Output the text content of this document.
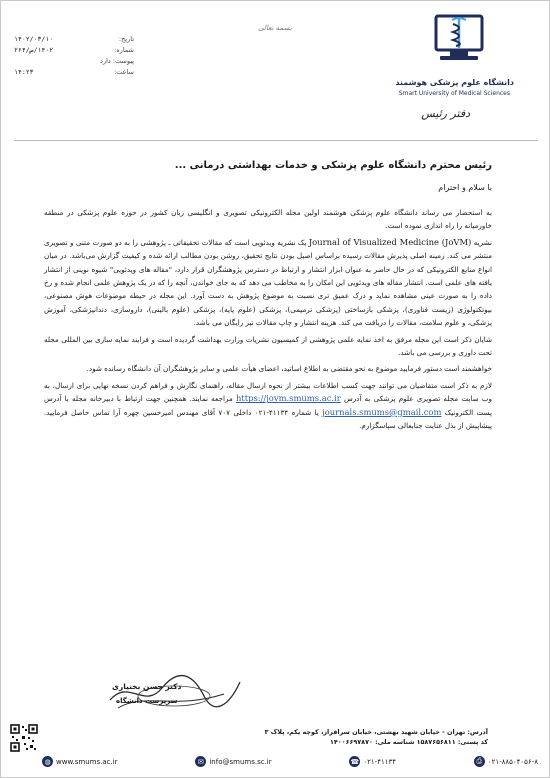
تاریخ:
۱۴۰۲/۰۳/۱۰
شماره:
۱۴۰۲/ص/۲۶۴
پیوست: دارد
ساعت:
۱۴:۲۳
بسمه تعالی
دانشگاه علوم پزشکی هوشمند
Smart University of Medical Sciences
دفتر رئیس
رئیس محترم دانشگاه علوم پزشکی و خدمات بهداشتی درمانی ...
با سلام و احترام

به استحضار می رساند دانشگاه علوم پزشکی هوشمند اولین مجله الکترونیکی تصویری و انگلیسی زبان کشور در حوزه علوم پزشکی در منطقه خاورمیانه را راه اندازی نموده است.

نشریه Journal of Visualized Medicine (JoVM) یک نشریه ویدئویی است که مقالات تحقیقاتی ـ پژوهشی را به دو صورت متنی و تصویری منتشر می کند. زمینه اصلی پذیرش مقالات رسیده براساس اصیل بودن نتایج تحقیق، روشن بودن مطالب ارائه شده و کیفیت گزارش می‌باشد. در میان انواع منابع الکترونیکی که در حال حاضر به عنوان ابزار انتشار و ارتباط در دسترس پژوهشگران قرار دارد، "مقاله های ویدئویی" شیوه نوینی از انتشار یافته های علمی است. انتشار مقاله های ویدئویی این امکان را به مخاطب می دهد که به جای خواندن، آنچه را که در یک پژوهش علمی انجام شده و رخ داده را به صورت عینی مشاهده نماید و درک عمیق تری نسبت به موضوع پژوهش به دست آورد. این مجله در حیطه موضوعات هوش مصنوعی، بیوتکنولوژی (زیست فناوری)، پزشکی بازساختی (پزشکی ترمیمی)، پزشکی (علوم پایه)، پزشکی (علوم بالینی)، داروسازی، دندانپزشکی، آموزش پزشکی، و علوم سلامت، مقالات را دریافت می کند. هزینه انتشار و چاپ مقالات نیز رایگان می باشد.

شایان ذکر است این مجله مرفق به اخذ نمایه علمی پژوهشی از کمیسیون نشریات وزارت بهداشت گردیده است و فرایند نمایه سازی بین المللی مجله تحت داوری و بررسی می باشد.

خواهشمند است دستور فرمایید موضوع به نحو مقتضی به اطلاع اساتید، اعضای هیأت علمی و سایر پژوهشگران آن دانشگاه رسانده شود.

لازم به ذکر است متقاضیان می توانند جهت کسب اطلاعات بیشتر از نحوه ارسال مقاله، راهنمای نگارش و فراهم کردن نسخه نهایی برای ارسال، به وب سایت مجله تصویری علوم پزشکی به آدرس https://jovm.smums.ac.ir مراجعه نمایند. همچنین جهت ارتباط با دبیرخانه مجله با آدرس پست الکترونیک journals.smums@gmail.com یا شماره ۴۱۱۳۴-۰۲۱ داخلی ۷۰۷ آقای مهندس امیرحسین چهره آرا تماس حاصل فرمایید. پیشاپیش از بذل عنایت جنابعالی سپاسگزارم.

دکتر حسن بختیاری
سرپرست دانشگاه
آدرس: تهران - خیابان شهید بهشتی، خیابان سرافراز، کوچه یکم، پلاک ۳
کد پستی: ۱۵۸۷۶۵۶۸۱۱ شناسه ملی: ۱۴۰۰۶۶۹۷۸۷۰
◍ www.smums.ac.ir	✉ info@smums.sc.ir	☎ ۰۲۱-۴۱۱۳۴	⎙ ۰۲۱-۸۸۵۰۴۰۵۶-۸
